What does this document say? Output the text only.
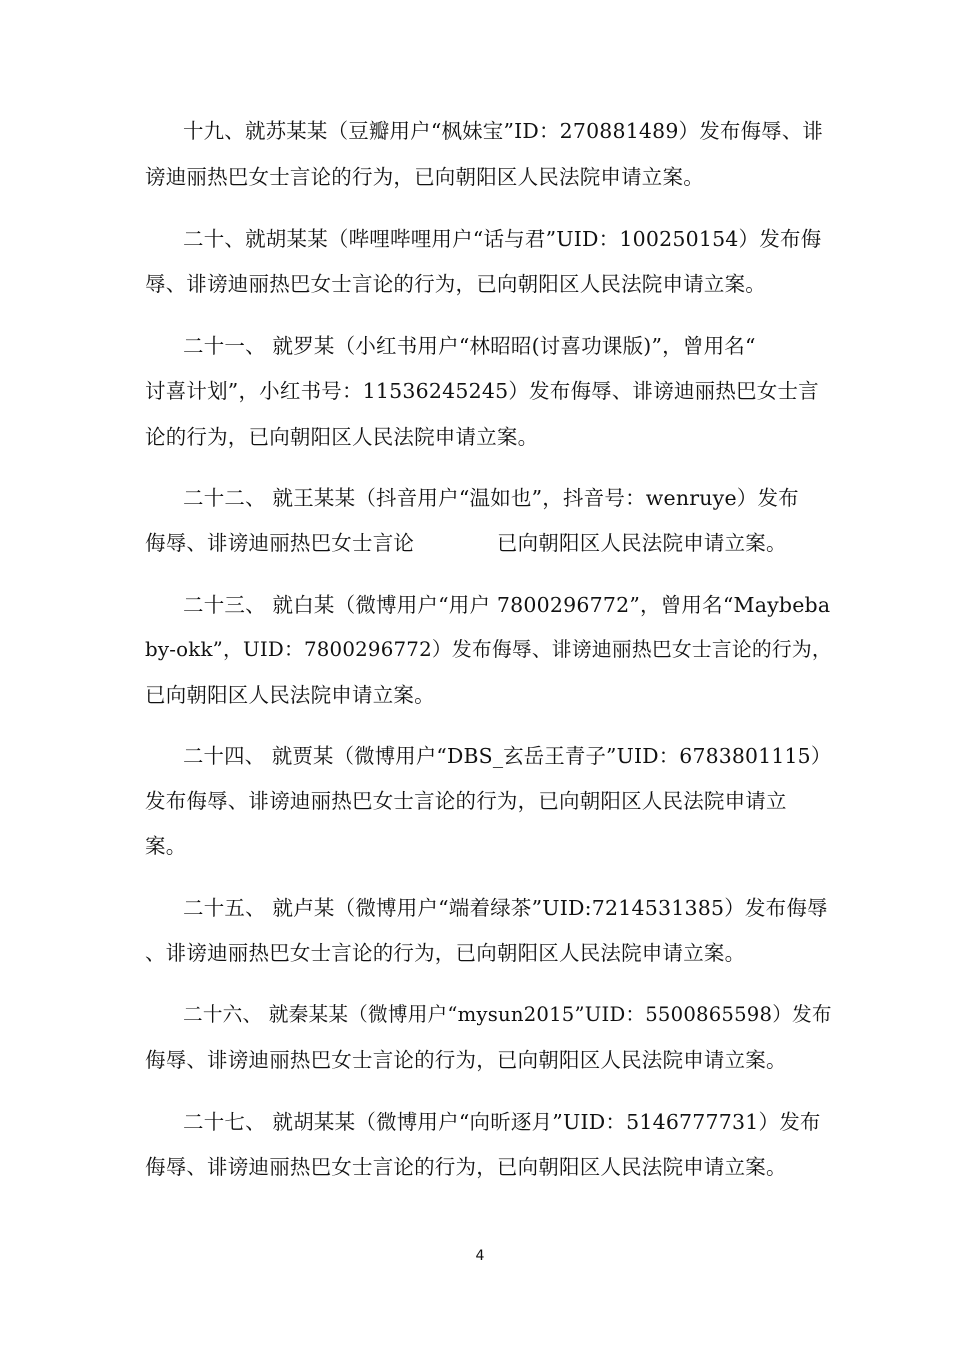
十九、就苏某某（豆瓣用户“枫妹宝”ID：270881489）发布侮辱、诽
谤迪丽热巴女士言论的行为，已向朝阳区人民法院申请立案。
二十、就胡某某（哔哩哔哩用户“话与君”UID：100250154）发布侮
辱、诽谤迪丽热巴女士言论的行为，已向朝阳区人民法院申请立案。
二十一、 就罗某（小红书用户“林昭昭(讨喜功课版)”，曾用名“
讨喜计划”，小红书号：11536245245）发布侮辱、诽谤迪丽热巴女士言
论的行为，已向朝阳区人民法院申请立案。
二十二、 就王某某（抖音用户“温如也”，抖音号：wenruye）发布
侮辱、诽谤迪丽热巴女士言论　　　　已向朝阳区人民法院申请立案。
二十三、 就白某（微博用户“用户 7800296772”，曾用名“Maybeba
by-okk”，UID：7800296772）发布侮辱、诽谤迪丽热巴女士言论的行为，
已向朝阳区人民法院申请立案。
二十四、 就贾某（微博用户“DBS_玄岳王青子”UID：6783801115）
发布侮辱、诽谤迪丽热巴女士言论的行为，已向朝阳区人民法院申请立
案。
二十五、 就卢某（微博用户“端着绿茶”UID:7214531385）发布侮辱
、诽谤迪丽热巴女士言论的行为，已向朝阳区人民法院申请立案。
二十六、 就秦某某（微博用户“mysun2015”UID：5500865598）发布
侮辱、诽谤迪丽热巴女士言论的行为，已向朝阳区人民法院申请立案。
二十七、 就胡某某（微博用户“向昕逐月”UID：5146777731）发布
侮辱、诽谤迪丽热巴女士言论的行为，已向朝阳区人民法院申请立案。
4
